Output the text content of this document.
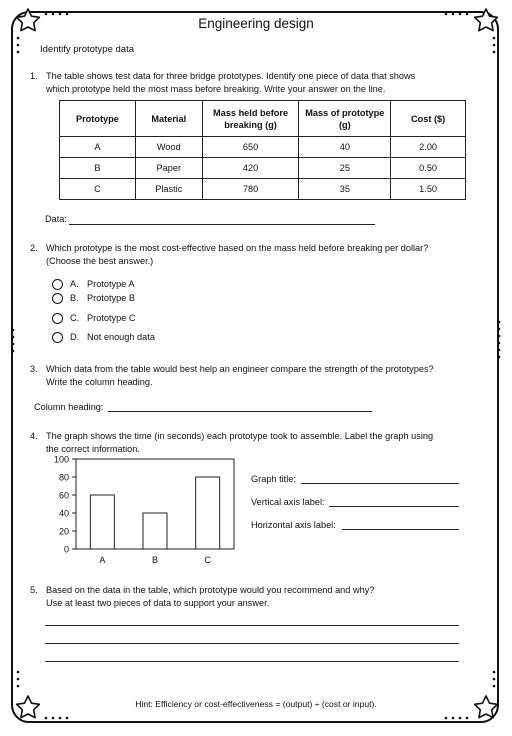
Engineering design
Identify prototype data
1. The table shows test data for three bridge prototypes. Identify one piece of data that shows
which prototype held the most mass before breaking. Write your answer on the line.
Prototype	Material	Mass held before breaking (g)	Mass of prototype (g)	Cost ($)
A	Wood	650	40	2.00
B	Paper	420	25	0.50
C	Plastic	780	35	1.50
Data:
2. Which prototype is the most cost-effective based on the mass held before breaking per dollar?
(Choose the best answer.)
A. Prototype A
B. Prototype B
C. Prototype C
D. Not enough data
3. Which data from the table would best help an engineer compare the strength of the prototypes?
Write the column heading.
Column heading:
4. The graph shows the time (in seconds) each prototype took to assemble. Label the graph using
the correct information.
0
20
40
60
80
100
A	B	C
Graph title:
Vertical axis label:
Horizontal axis label:
5. Based on the data in the table, which prototype would you recommend and why?
Use at least two pieces of data to support your answer.
Hint: Efficiency or cost-effectiveness = (output) ÷ (cost or input).
